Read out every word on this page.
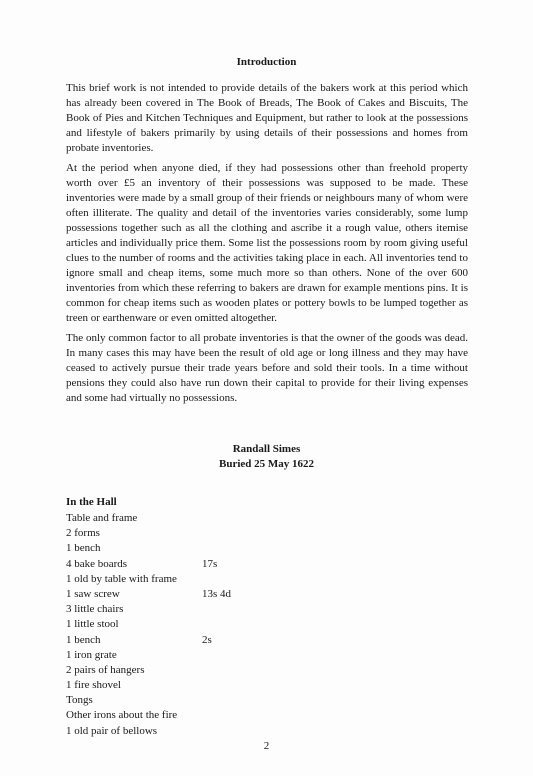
Introduction

This brief work is not intended to provide details of the bakers work at this period which has already been covered in The Book of Breads, The Book of Cakes and Biscuits, The Book of Pies and Kitchen Techniques and Equipment, but rather to look at the possessions and lifestyle of bakers primarily by using details of their possessions and homes from probate inventories.

At the period when anyone died, if they had possessions other than freehold property worth over £5 an inventory of their possessions was supposed to be made. These inventories were made by a small group of their friends or neighbours many of whom were often illiterate. The quality and detail of the inventories varies considerably, some lump possessions together such as all the clothing and ascribe it a rough value, others itemise articles and individually price them. Some list the possessions room by room giving useful clues to the number of rooms and the activities taking place in each. All inventories tend to ignore small and cheap items, some much more so than others. None of the over 600 inventories from which these referring to bakers are drawn for example mentions pins. It is common for cheap items such as wooden plates or pottery bowls to be lumped together as treen or earthenware or even omitted altogether.

The only common factor to all probate inventories is that the owner of the goods was dead. In many cases this may have been the result of old age or long illness and they may have ceased to actively pursue their trade years before and sold their tools. In a time without pensions they could also have run down their capital to provide for their living expenses and some had virtually no possessions.

Randall Simes
Buried 25 May 1622
In the Hall
Table and frame
2 forms
1 bench
4 bake boards	17s
1 old by table with frame
1 saw screw	13s 4d
3 little chairs
1 little stool
1 bench	2s
1 iron grate
2 pairs of hangers
1 fire shovel
Tongs
Other irons about the fire
1 old pair of bellows
2
